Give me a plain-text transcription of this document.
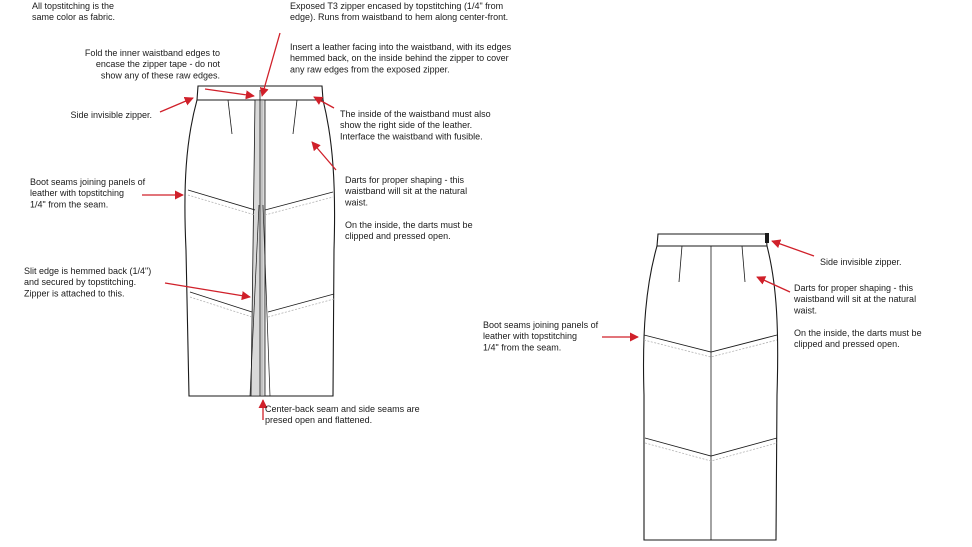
All topstitching is the same color as fabric.
Exposed T3 zipper encased by topstitching (1/4" from edge). Runs from waistband to hem along center-front.
Insert a leather facing into the waistband, with its edges hemmed back, on the inside behind the zipper to cover any raw edges from the exposed zipper.
Fold the inner waistband edges to encase the zipper tape - do not show any of these raw edges.
Side invisible zipper.	The inside of the waistband must also show the right side of the leather. Interface the waistband with fusible.
Boot seams joining panels of leather with topstitching 1/4" from the seam.
Darts for proper shaping - this waistband will sit at the natural waist. On the inside, the darts must be clipped and pressed open.
Slit edge is hemmed back (1/4") and secured by topstitching. Zipper is attached to this.
Center-back seam and side seams are presed open and flattened.
Side invisible zipper.
Darts for proper shaping - this waistband will sit at the natural waist. On the inside, the darts must be clipped and pressed open.
Boot seams joining panels of leather with topstitching 1/4" from the seam.
